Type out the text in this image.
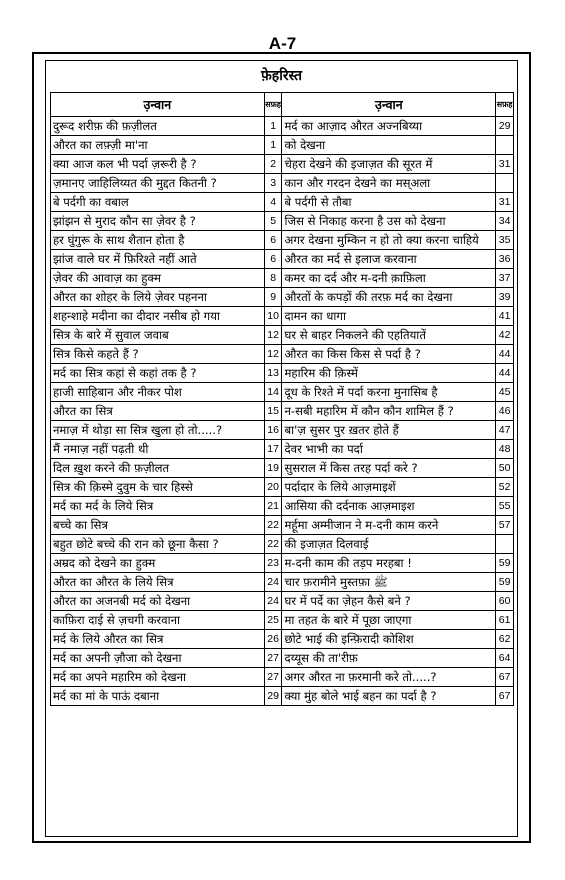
A-7
फ़ेहरिस्त
उ़न्वान	सफ़ह	उ़न्वान	सफ़ह
दुरूद शरीफ़ की फ़ज़ीलत	1	मर्द का आज़ाद औरत अज्नबिय्या	29
औरत का लफ़्ज़ी मा'ना	1	को देखना	
क्या आज कल भी पर्दा ज़रूरी है ?	2	चेहरा देखने की इजाज़त की सूरत में	31
ज़मानए जाहिलिय्यत की मुद्दत कितनी ?	3	कान और गरदन देखने का मस्अला	
बे पर्दगी का वबाल	4	बे पर्दगी से तौबा	31
झांझन से मुराद कौन सा ज़ेवर है ?	5	जिस से निकाह करना है उस को देखना	34
हर घुंगुरू के साथ शैतान होता है	6	अगर देखना मुम्किन न हो तो क्या करना चाहिये	35
झांज वाले घर में फ़िरिश्ते नहीं आते	6	औरत का मर्द से इलाज करवाना	36
ज़ेवर की आवाज़ का हुक्म	8	कमर का दर्द और म-दनी क़ाफ़िला	37
औरत का शोहर के लिये ज़ेवर पहनना	9	औरतों के कपड़ों की तरफ़ मर्द का देखना	39
शहन्शाहे मदीना का दीदार नसीब हो गया	10	दामन का धागा	41
सित्र के बारे में सुवाल जवाब	12	घर से बाहर निकलने की एहतियातें	42
सित्र किसे कहते हैं ?	12	औरत का किस किस से पर्दा है ?	44
मर्द का सित्र कहां से कहां तक है ?	13	महारिम की क़िस्में	44
हाजी साहिबान और नीकर पोश	14	दूध के रिश्ते में पर्दा करना मुनासिब है	45
औरत का सित्र	15	न-सबी महारिम में कौन कौन शामिल हैं ?	46
नमाज़ में थोड़ा सा सित्र खुला हो तो.....?	16	बा'ज़ सुसर पुर ख़तर होते हैं	47
मैं नमाज़ नहीं पढ़ती थी	17	देवर भाभी का पर्दा	48
दिल ख़ुश करने की फ़ज़ीलत	19	सुसराल में किस तरह पर्दा करे ?	50
सित्र की क़िस्मे दुवुम के चार हिस्से	20	पर्दादार के लिये आज़माइशें	52
मर्द का मर्द के लिये सित्र	21	आसिया की दर्दनाक आज़माइश	55
बच्चे का सित्र	22	मर्हूमा अम्मीजान ने म-दनी काम करने	57
बहुत छोटे बच्चे की रान को छूना कैसा ?	22	की इजाज़त दिलवाई	
अम्रद को देखने का हुक्म	23	म-दनी काम की तड़प मरहबा !	59
औरत का औरत के लिये सित्र	24	चार फ़रामीने मुस्तफ़ा ﷺ	59
औरत का अजनबी मर्द को देखना	24	घर में पर्दे का ज़ेहन कैसे बने ?	60
काफ़िरा दाई से ज़चगी करवाना	25	मा तहत के बारे में पूछा जाएगा	61
मर्द के लिये औरत का सित्र	26	छोटे भाई की इन्फ़िरादी कोशिश	62
मर्द का अपनी ज़ौजा को देखना	27	दय्यूस की ता'रीफ़	64
मर्द का अपने महारिम को देखना	27	अगर औरत ना फ़रमानी करे तो.....?	67
मर्द का मां के पाऊं दबाना	29	क्या मुंह बोले भाई बहन का पर्दा है ?	67
